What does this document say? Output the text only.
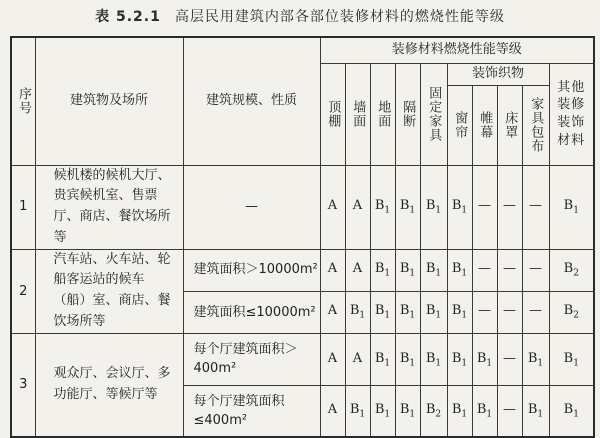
表 5.2.1 高层民用建筑内部各部位装修材料的燃烧性能等级
序号	建筑物及场所	建筑规模、性质	装修材料燃烧性能等级									

			顶棚	墙面	地面	隔断	固定家具	装饰织物				其他装修装饰材料

								窗帘	帷幕	床罩	家具包布	

1	候机楼的候机大厅、贵宾候机室、售票厅、商店、餐饮场所等	—	A	A	$B_1$	$B_1$	$B_1$	$B_1$	—	—	—	$B_1$
2	汽车站、火车站、轮船客运站的候车（船）室、商店、餐饮场所等	建筑面积＞10000m²	A	A	$B_1$	$B_1$	$B_1$	$B_1$	—	—	—	$B_2$
		建筑面积≤10000m²	A	$B_1$	$B_1$	$B_1$	$B_1$	$B_1$	—	—	—	$B_2$
3	观众厅、会议厅、多功能厅、等候厅等	每个厅建筑面积＞400m²	A	A	$B_1$	$B_1$	$B_1$	$B_1$	$B_1$	—	$B_1$	$B_1$
		每个厅建筑面积≤400m²	A	$B_1$	$B_1$	$B_1$	$B_2$	$B_1$	$B_1$	—	$B_1$	$B_1$
